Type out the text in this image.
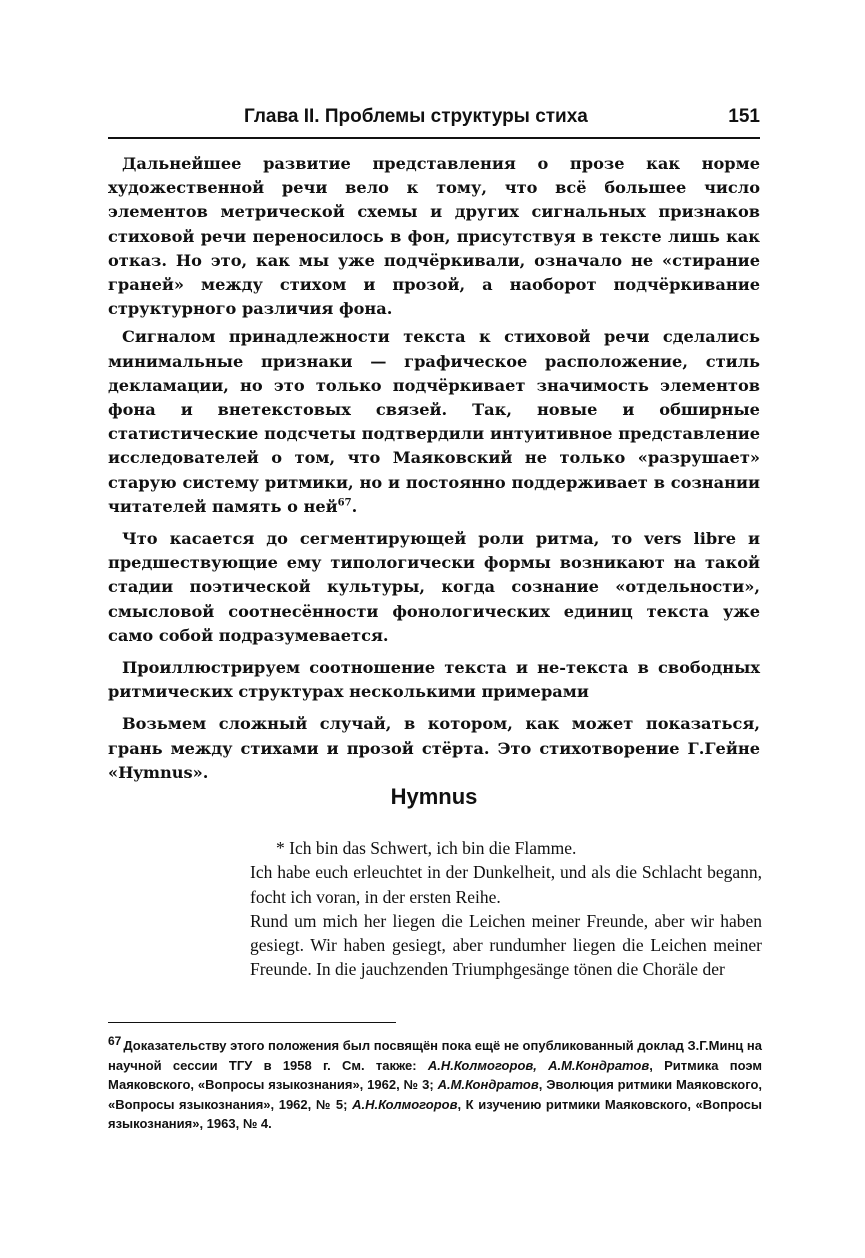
Глава II. Проблемы структуры стиха	151

Дальнейшее развитие представления о прозе как норме художественной речи вело к тому, что всё большее число элементов метрической схемы и других сигнальных признаков стиховой речи переносилось в фон, присутствуя в тексте лишь как отказ. Но это, как мы уже подчёркивали, означало не «стирание граней» между стихом и прозой, а наоборот подчёркивание структурного различия фона.

Сигналом принадлежности текста к стиховой речи сделались минимальные признаки — графическое расположение, стиль декламации, но это только подчёркивает значимость элементов фона и внетекстовых связей. Так, новые и обширные статистические подсчеты подтвердили интуитивное представление исследователей о том, что Маяковский не только «разрушает» старую систему ритмики, но и постоянно поддерживает в сознании читателей память о ней$^{67}$.

Что касается до сегментирующей роли ритма, то vers libre и предшествующие ему типологически формы возникают на такой стадии поэтической культуры, когда сознание «отдельности», смысловой соотнесённости фонологических единиц текста уже само собой подразумевается.

Проиллюстрируем соотношение текста и не-текста в свободных ритмических структурах несколькими примерами

Возьмем сложный случай, в котором, как может показаться, грань между стихами и прозой стёрта. Это стихотворение Г.Гейне «Hymnus».

Hymnus

* Ich bin das Schwert, ich bin die Flamme.

Ich habe euch erleuchtet in der Dunkelheit, und als die Schlacht begann, focht ich voran, in der ersten Reihe.

Rund um mich her liegen die Leichen meiner Freunde, aber wir haben gesiegt. Wir haben gesiegt, aber rundumher liegen die Leichen meiner Freunde. In die jauchzenden Triumphgesänge tönen die Choräle der

67 Доказательству этого положения был посвящён пока ещё не опубликованный доклад З.Г.Минц на научной сессии ТГУ в 1958 г. См. также: А.Н.Колмогоров, А.М.Кондратов, Ритмика поэм Маяковского, «Вопросы языкознания», 1962, № 3; А.М.Кондратов, Эволюция ритмики Маяковского, «Вопросы языкознания», 1962, № 5; А.Н.Колмогоров, К изучению ритмики Маяковского, «Вопросы языкознания», 1963, № 4.
